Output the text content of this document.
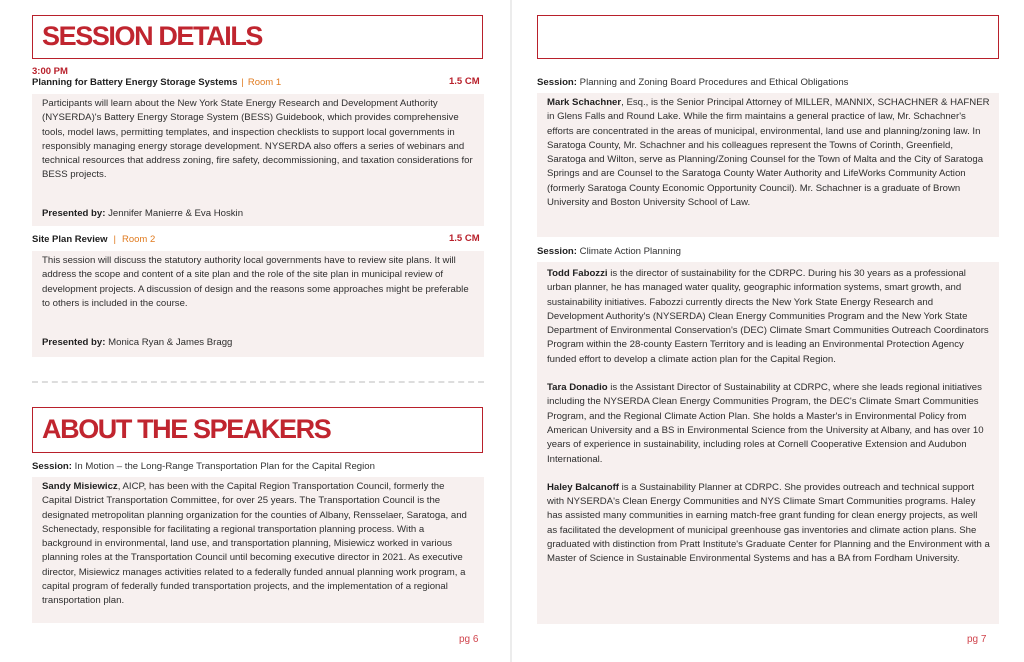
SESSION DETAILS
3:00 PM
Planning for Battery Energy Storage Systems | Room 1	1.5 CM

Participants will learn about the New York State Energy Research and Development Authority (NYSERDA)'s Battery Energy Storage System (BESS) Guidebook, which provides comprehensive tools, model laws, permitting templates, and inspection checklists to support local governments in responsibly managing energy storage development. NYSERDA also offers a series of webinars and technical resources that address zoning, fire safety, decommissioning, and taxation considerations for BESS projects.

Presented by: Jennifer Manierre & Eva Hoskin
Site Plan Review | Room 2	1.5 CM

This session will discuss the statutory authority local governments have to review site plans. It will address the scope and content of a site plan and the role of the site plan in municipal review of development projects. A discussion of design and the reasons some approaches might be preferable to others is included in the course.

Presented by: Monica Ryan & James Bragg
ABOUT THE SPEAKERS
Session: In Motion – the Long-Range Transportation Plan for the Capital Region

Sandy Misiewicz, AICP, has been with the Capital Region Transportation Council, formerly the Capital District Transportation Committee, for over 25 years. The Transportation Council is the designated metropolitan planning organization for the counties of Albany, Rensselaer, Saratoga, and Schenectady, responsible for facilitating a regional transportation planning process. With a background in environmental, land use, and transportation planning, Misiewicz worked in various planning roles at the Transportation Council until becoming executive director in 2021. As executive director, Misiewicz manages activities related to a federally funded annual planning work program, a capital program of federally funded transportation projects, and the implementation of a regional transportation plan.

pg 6
Session: Planning and Zoning Board Procedures and Ethical Obligations

Mark Schachner, Esq., is the Senior Principal Attorney of MILLER, MANNIX, SCHACHNER & HAFNER in Glens Falls and Round Lake. While the firm maintains a general practice of law, Mr. Schachner's efforts are concentrated in the areas of municipal, environmental, land use and planning/zoning law. In Saratoga County, Mr. Schachner and his colleagues represent the Towns of Corinth, Greenfield, Saratoga and Wilton, serve as Planning/Zoning Counsel for the Town of Malta and the City of Saratoga Springs and are Counsel to the Saratoga County Water Authority and LifeWorks Community Action (formerly Saratoga County Economic Opportunity Council). Mr. Schachner is a graduate of Brown University and Boston University School of Law.

Session: Climate Action Planning

Todd Fabozzi is the director of sustainability for the CDRPC. During his 30 years as a professional urban planner, he has managed water quality, geographic information systems, smart growth, and sustainability initiatives. Fabozzi currently directs the New York State Energy Research and Development Authority's (NYSERDA) Clean Energy Communities Program and the New York State Department of Environmental Conservation's (DEC) Climate Smart Communities Outreach Coordinators Program within the 28-county Eastern Territory and is leading an Environmental Protection Agency funded effort to develop a climate action plan for the Capital Region.

Tara Donadio is the Assistant Director of Sustainability at CDRPC, where she leads regional initiatives including the NYSERDA Clean Energy Communities Program, the DEC's Climate Smart Communities Program, and the Regional Climate Action Plan. She holds a Master's in Environmental Policy from American University and a BS in Environmental Science from the University at Albany, and has over 10 years of experience in sustainability, including roles at Cornell Cooperative Extension and Audubon International.

Haley Balcanoff is a Sustainability Planner at CDRPC. She provides outreach and technical support with NYSERDA's Clean Energy Communities and NYS Climate Smart Communities programs. Haley has assisted many communities in earning match-free grant funding for clean energy projects, as well as facilitated the development of municipal greenhouse gas inventories and climate action plans. She graduated with distinction from Pratt Institute's Graduate Center for Planning and the Environment with a Master of Science in Sustainable Environmental Systems and has a BA from Fordham University.

pg 7
